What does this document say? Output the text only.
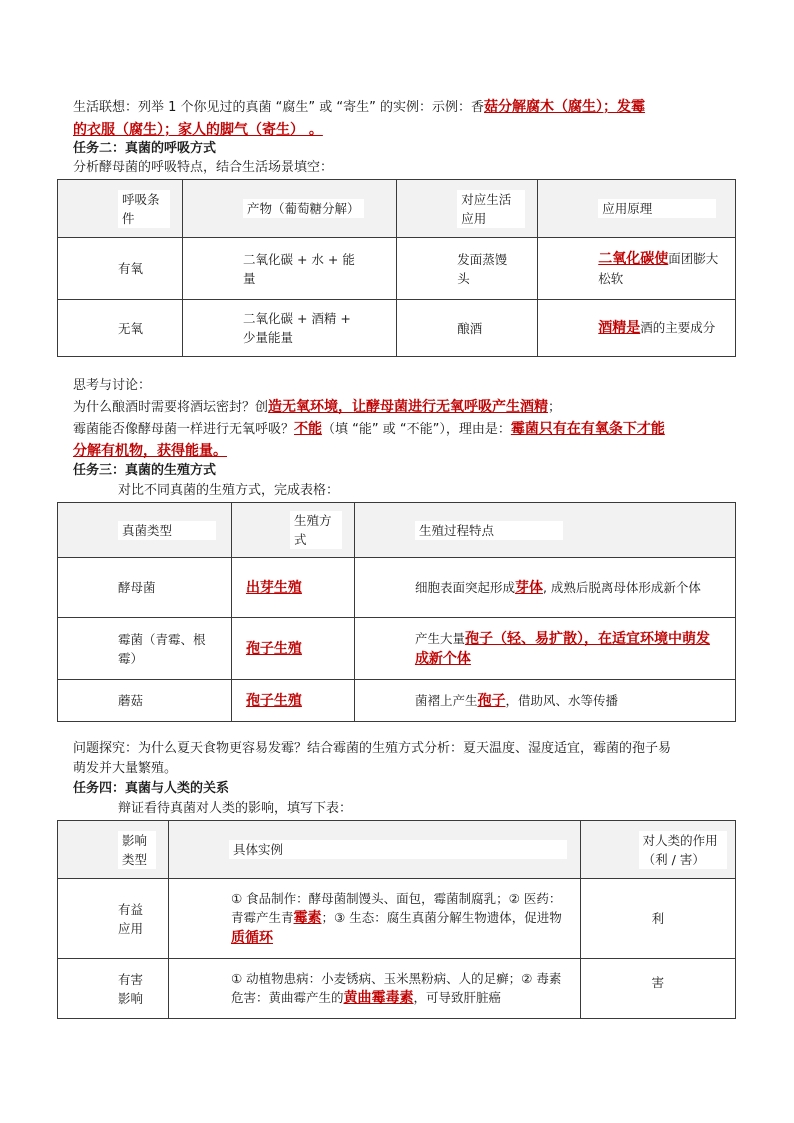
生活联想：列举 1 个你见过的真菌 “腐生” 或 “寄生” 的实例：示例：香菇分解腐木（腐生）；发霉
的衣服（腐生）；家人的脚气（寄生） 。
任务二：真菌的呼吸方式
分析酵母菌的呼吸特点，结合生活场景填空：
呼吸条件	产物（葡萄糖分解）	对应生活应用	应用原理

有氧	二氧化碳 + 水 + 能量	发面蒸馒头	二氧化碳使面团膨大松软

无氧	二氧化碳 + 酒精 + 少量能量	酿酒	酒精是酒的主要成分
思考与讨论：
为什么酿酒时需要将酒坛密封？创造无氧环境，让酵母菌进行无氧呼吸产生酒精；
霉菌能否像酵母菌一样进行无氧呼吸？不能（填 “能” 或 “不能”），理由是：霉菌只有在有氧条下才能
分解有机物，获得能量。
任务三：真菌的生殖方式
对比不同真菌的生殖方式，完成表格：
真菌类型	生殖方式	生殖过程特点

酵母菌	出芽生殖	细胞表面突起形成芽体, 成熟后脱离母体形成新个体

霉菌（青霉、根霉）	孢子生殖	产生大量孢子（轻、易扩散），在适宜环境中萌发成新个体

蘑菇	孢子生殖	菌褶上产生孢子，借助风、水等传播
问题探究：为什么夏天食物更容易发霉？结合霉菌的生殖方式分析：夏天温度、湿度适宜，霉菌的孢子易
萌发并大量繁殖。
任务四：真菌与人类的关系
辩证看待真菌对人类的影响，填写下表：
影响类型	具体实例	对人类的作用（利 / 害）

有益应用	① 食品制作：酵母菌制馒头、面包，霉菌制腐乳；② 医药：青霉产生青霉素；③ 生态：腐生真菌分解生物遗体，促进物质循环	利

有害影响	① 动植物患病：小麦锈病、玉米黑粉病、人的足癣；② 毒素危害：黄曲霉产生的黄曲霉毒素，可导致肝脏癌	害
